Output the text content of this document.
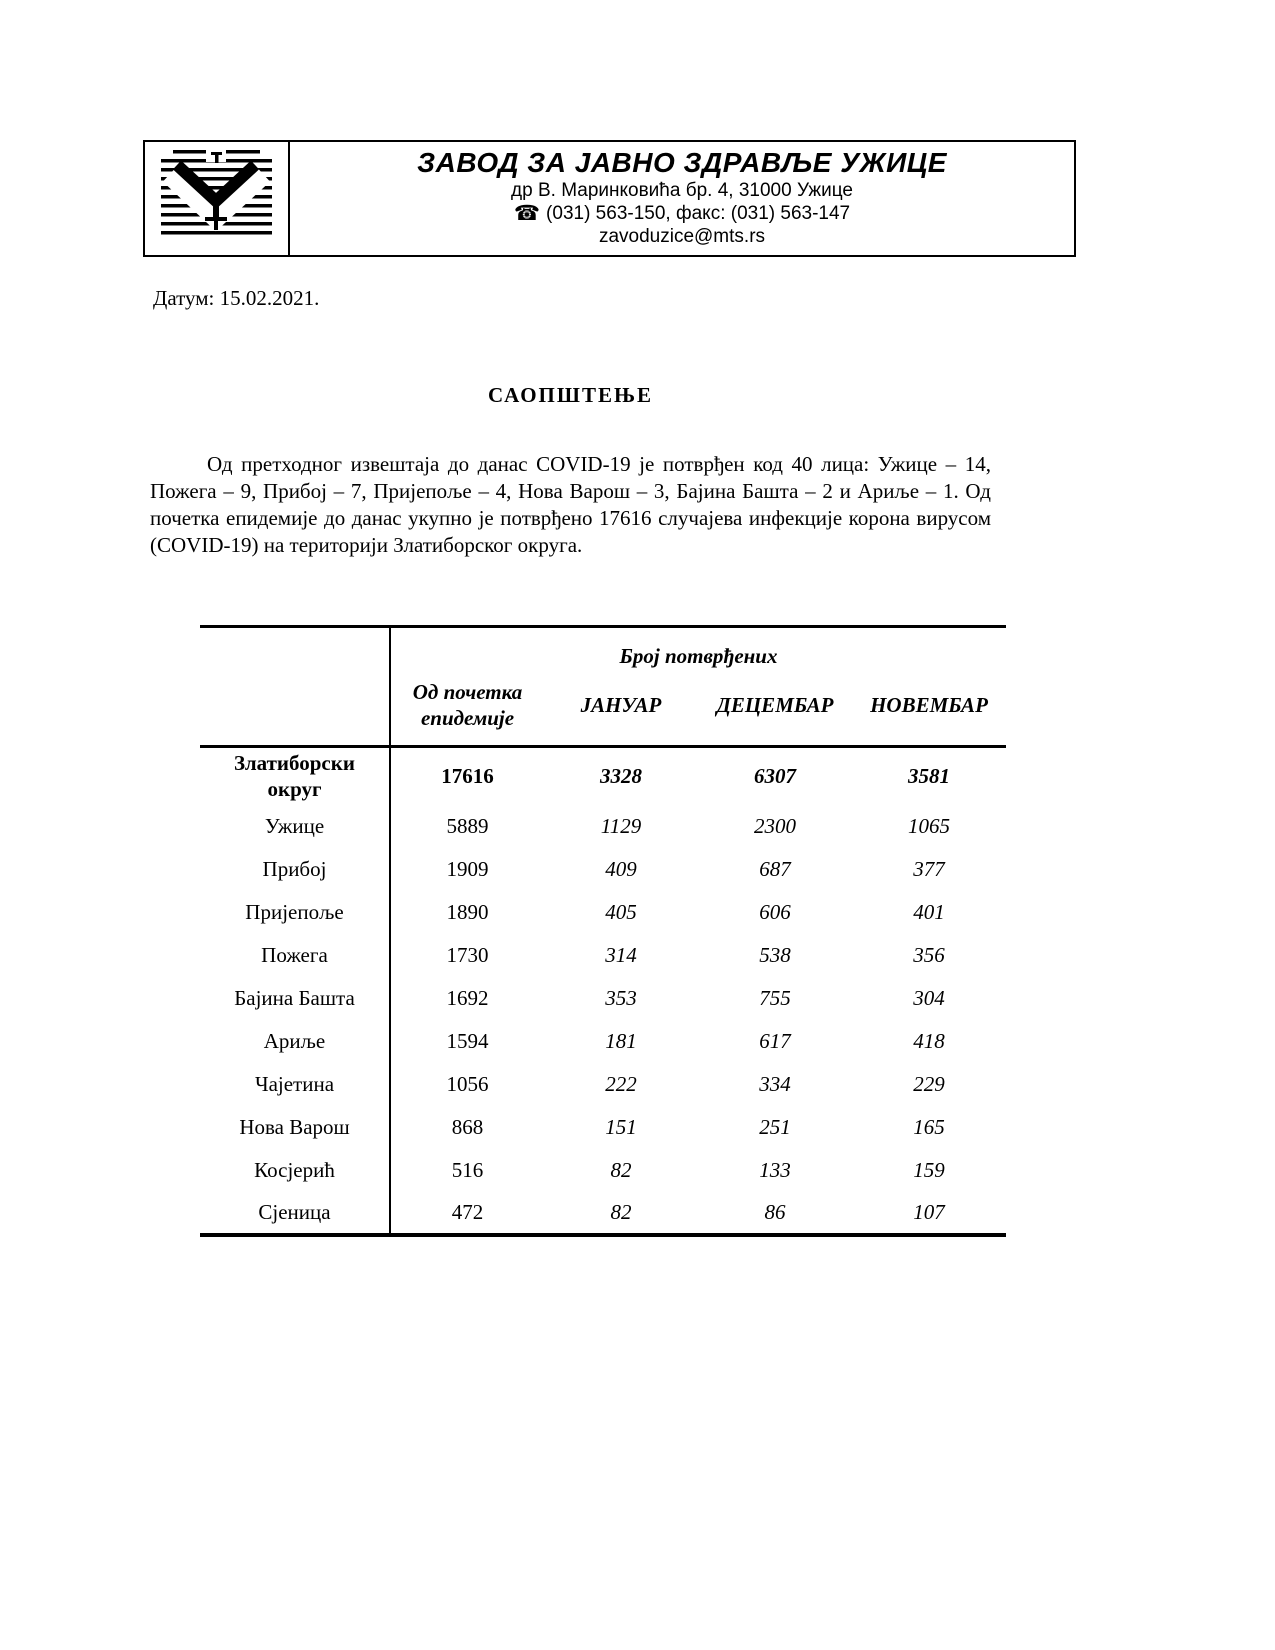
ЗАВОД ЗА ЈАВНО ЗДРАВЉЕ УЖИЦЕ
др В. Маринковића бр. 4, 31000 Ужице
☎ (031) 563-150, факс: (031) 563-147
zavoduzice@mts.rs
Датум: 15.02.2021.
САОПШТЕЊЕ

Од претходног извештаја до данас COVID-19 је потврђен код 40 лица: Ужице – 14, Пожега – 9, Прибој – 7, Пријепоље – 4, Нова Варош – 3, Бајина Башта – 2 и Ариље – 1. Од почетка епидемије до данас укупно је потврђено 17616 случајева инфекције корона вирусом (COVID-19) на територији Златиборског округа.

	Број потврђених			
	Од почетка епидемије	ЈАНУАР	ДЕЦЕМБАР	НОВЕМБАР
Златиборски округ	17616	3328	6307	3581
Ужице	5889	1129	2300	1065
Прибој	1909	409	687	377
Пријепоље	1890	405	606	401
Пожега	1730	314	538	356
Бајина Башта	1692	353	755	304
Ариље	1594	181	617	418
Чајетина	1056	222	334	229
Нова Варош	868	151	251	165
Косјерић	516	82	133	159
Сјеница	472	82	86	107
